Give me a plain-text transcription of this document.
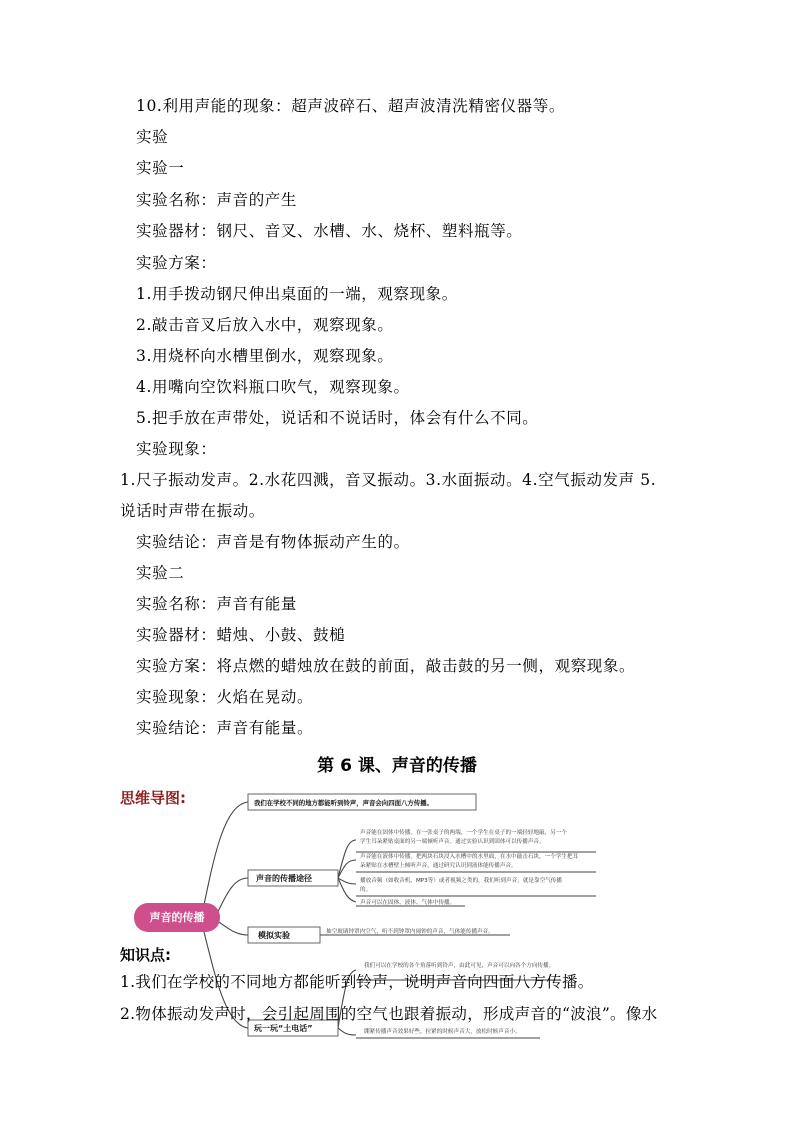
10.利用声能的现象：超声波碎石、超声波清洗精密仪器等。
实验
实验一
实验名称：声音的产生
实验器材：钢尺、音叉、水槽、水、烧杯、塑料瓶等。
实验方案：
1.用手拨动钢尺伸出桌面的一端，观察现象。
2.敲击音叉后放入水中，观察现象。
3.用烧杯向水槽里倒水，观察现象。
4.用嘴向空饮料瓶口吹气，观察现象。
5.把手放在声带处，说话和不说话时，体会有什么不同。
实验现象：
1.尺子振动发声。2.水花四溅，音叉振动。3.水面振动。4.空气振动发声 5.
说话时声带在振动。
实验结论：声音是有物体振动产生的。
实验二
实验名称：声音有能量
实验器材：蜡烛、小鼓、鼓槌
实验方案：将点燃的蜡烛放在鼓的前面，敲击鼓的另一侧，观察现象。
实验现象：火焰在晃动。
实验结论：声音有能量。
第 6 课、声音的传播
声音的传播
我们在学校不同的地方都能听到铃声，声音会向四面八方传播。
声音的传播途径
声音能在固体中传播。在一张桌子的两端，一个学生在桌子的一端轻轻地敲，另一个
学生耳朵紧贴桌面的另一端倾听声音。通过实验认识到固体可以传播声音。
声音能在液体中传播。把两块石块浸入水槽中的水里面，在水中敲击石块，一个学生把耳
朵紧贴在水槽壁上倾听声音，通过研究认识到液体能传播声音。
播放音频（如收音机、MP3等）或者视频之类的，我们听到声音，就是靠空气传播
的。
声音可以在固体、液体、气体中传播。
模拟实验	抽空玻璃钟罩内空气，听不到钟罩内闹钟的声音，气体能传播声音。
玩一玩“土电话”
我们可以在学校的各个角落听到铃声，由此可见，声音可以向各个方向传播。
绷紧传播声音效果好些，拉紧的时候声音大，放松时候声音小。
思维导图:
知识点:
1.我们在学校的不同地方都能听到铃声，说明声音向四面八方传播。
2.物体振动发声时，会引起周围的空气也跟着振动，形成声音的“波浪”。像水
